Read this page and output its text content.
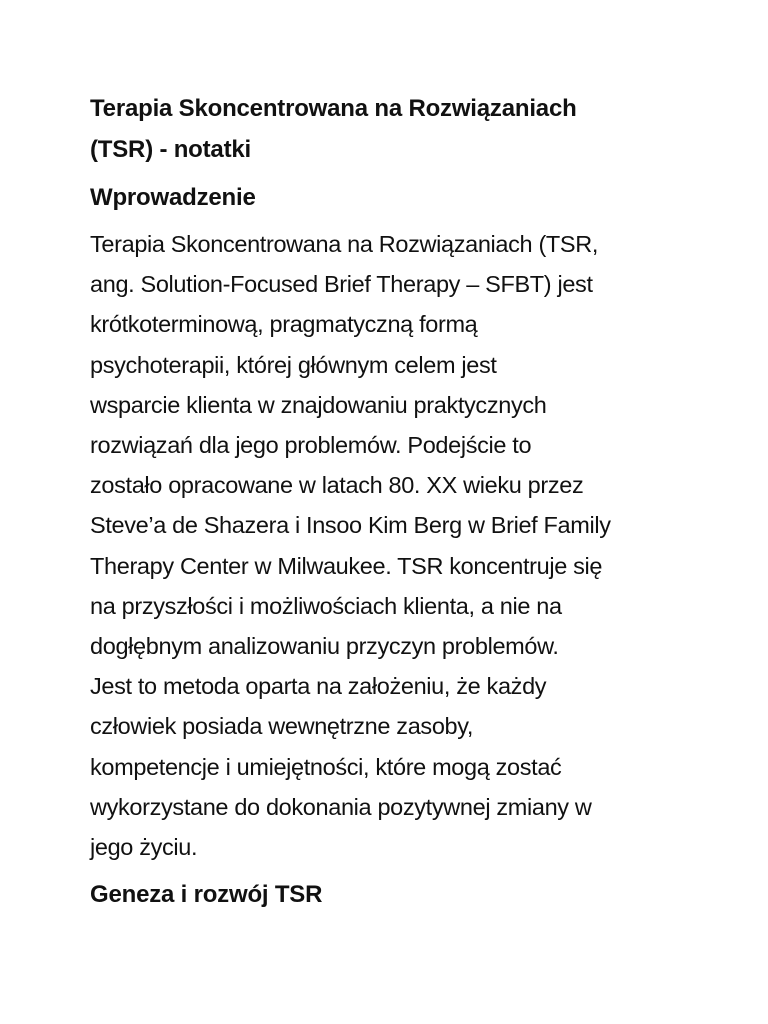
Terapia Skoncentrowana na Rozwiązaniach
(TSR) - notatki
Wprowadzenie

Terapia Skoncentrowana na Rozwiązaniach (TSR,
ang. Solution-Focused Brief Therapy – SFBT) jest
krótkoterminową, pragmatyczną formą
psychoterapii, której głównym celem jest
wsparcie klienta w znajdowaniu praktycznych
rozwiązań dla jego problemów. Podejście to
zostało opracowane w latach 80. XX wieku przez
Steve’a de Shazera i Insoo Kim Berg w Brief Family
Therapy Center w Milwaukee. TSR koncentruje się
na przyszłości i możliwościach klienta, a nie na
dogłębnym analizowaniu przyczyn problemów.
Jest to metoda oparta na założeniu, że każdy
człowiek posiada wewnętrzne zasoby,
kompetencje i umiejętności, które mogą zostać
wykorzystane do dokonania pozytywnej zmiany w
jego życiu.

Geneza i rozwój TSR
